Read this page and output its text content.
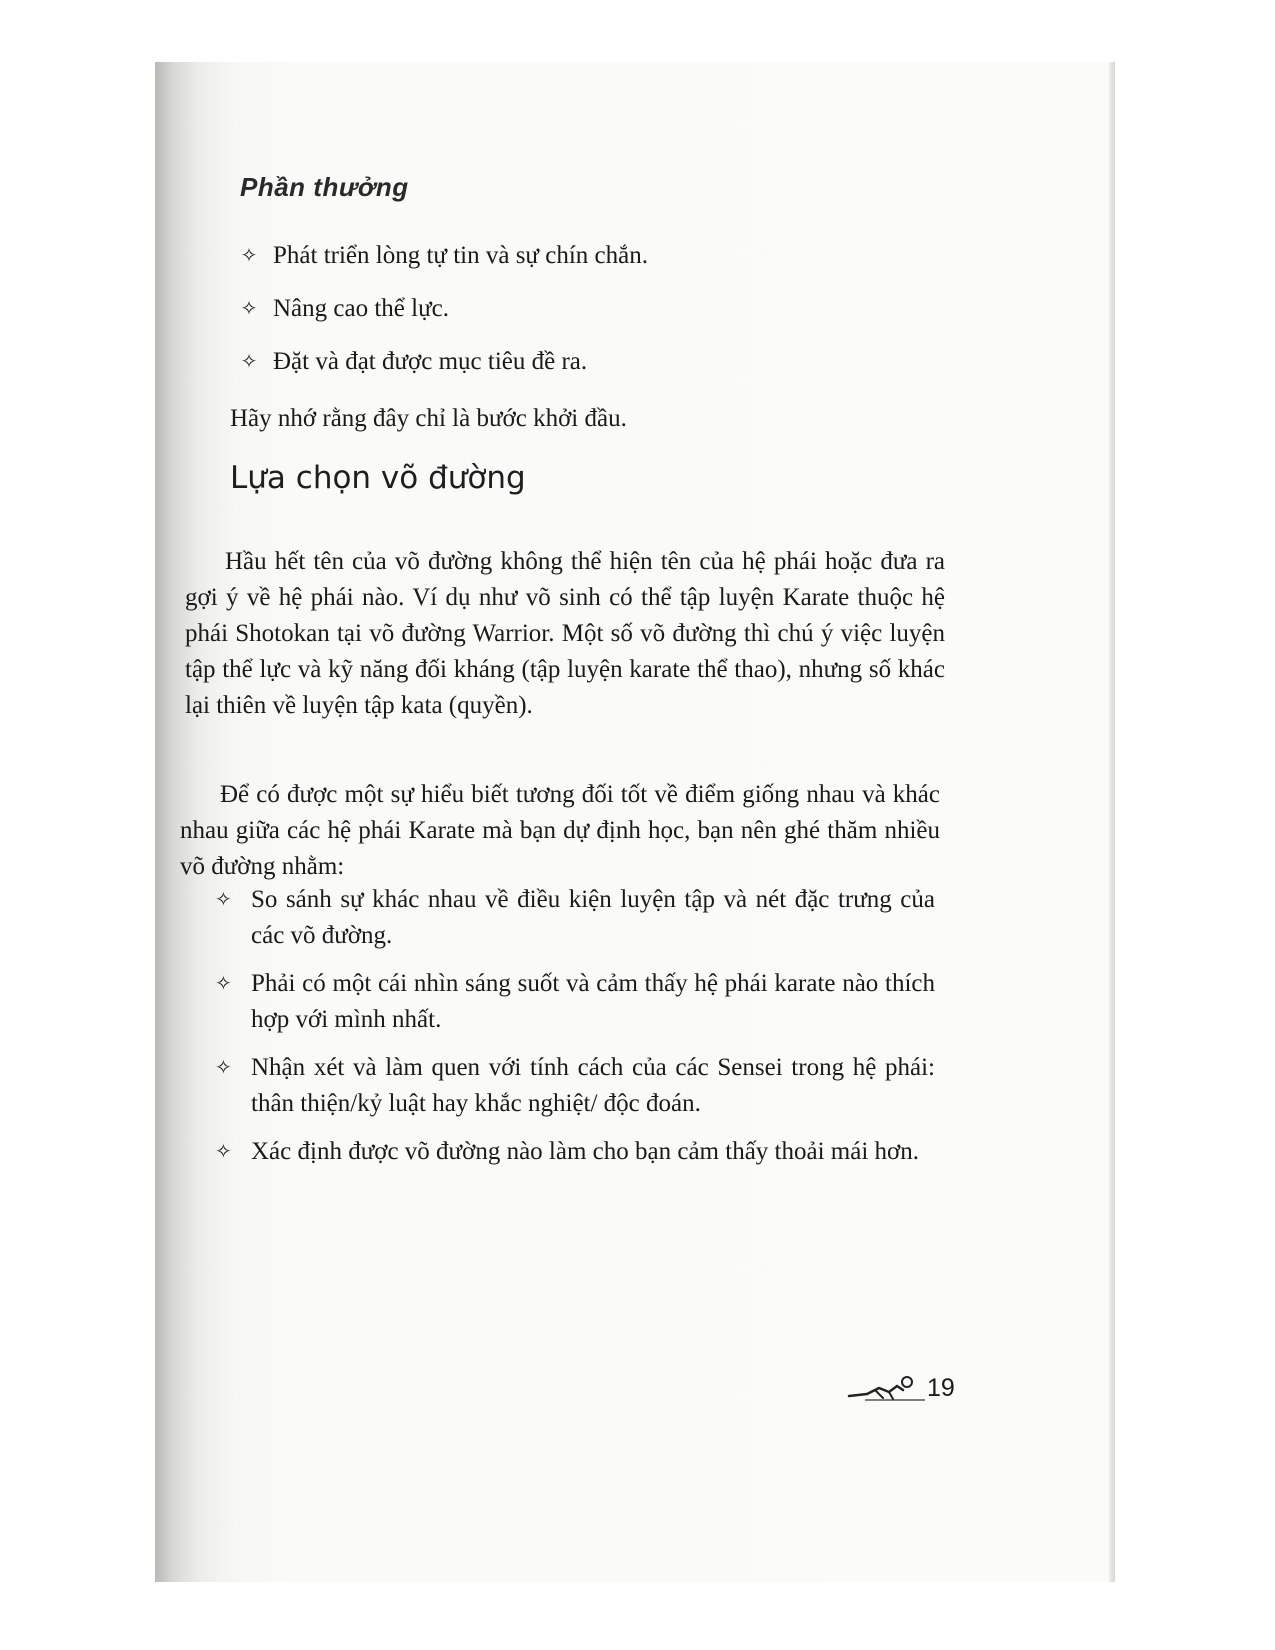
Phần thưởng
✧ Phát triển lòng tự tin và sự chín chắn.
✧ Nâng cao thể lực.
✧ Đặt và đạt được mục tiêu đề ra.

Hãy nhớ rằng đây chỉ là bước khởi đầu.

Lựa chọn võ đường

Hầu hết tên của võ đường không thể hiện tên của hệ phái hoặc đưa ra gợi ý về hệ phái nào. Ví dụ như võ sinh có thể tập luyện Karate thuộc hệ phái Shotokan tại võ đường Warrior. Một số võ đường thì chú ý việc luyện tập thể lực và kỹ năng đối kháng (tập luyện karate thể thao), nhưng số khác lại thiên về luyện tập kata (quyền).

Để có được một sự hiểu biết tương đối tốt về điểm giống nhau và khác nhau giữa các hệ phái Karate mà bạn dự định học, bạn nên ghé thăm nhiều võ đường nhằm:

✧ So sánh sự khác nhau về điều kiện luyện tập và nét đặc trưng của các võ đường.
✧ Phải có một cái nhìn sáng suốt và cảm thấy hệ phái karate nào thích hợp với mình nhất.
✧ Nhận xét và làm quen với tính cách của các Sensei trong hệ phái: thân thiện/kỷ luật hay khắc nghiệt/ độc đoán.
✧ Xác định được võ đường nào làm cho bạn cảm thấy thoải mái hơn.
19
